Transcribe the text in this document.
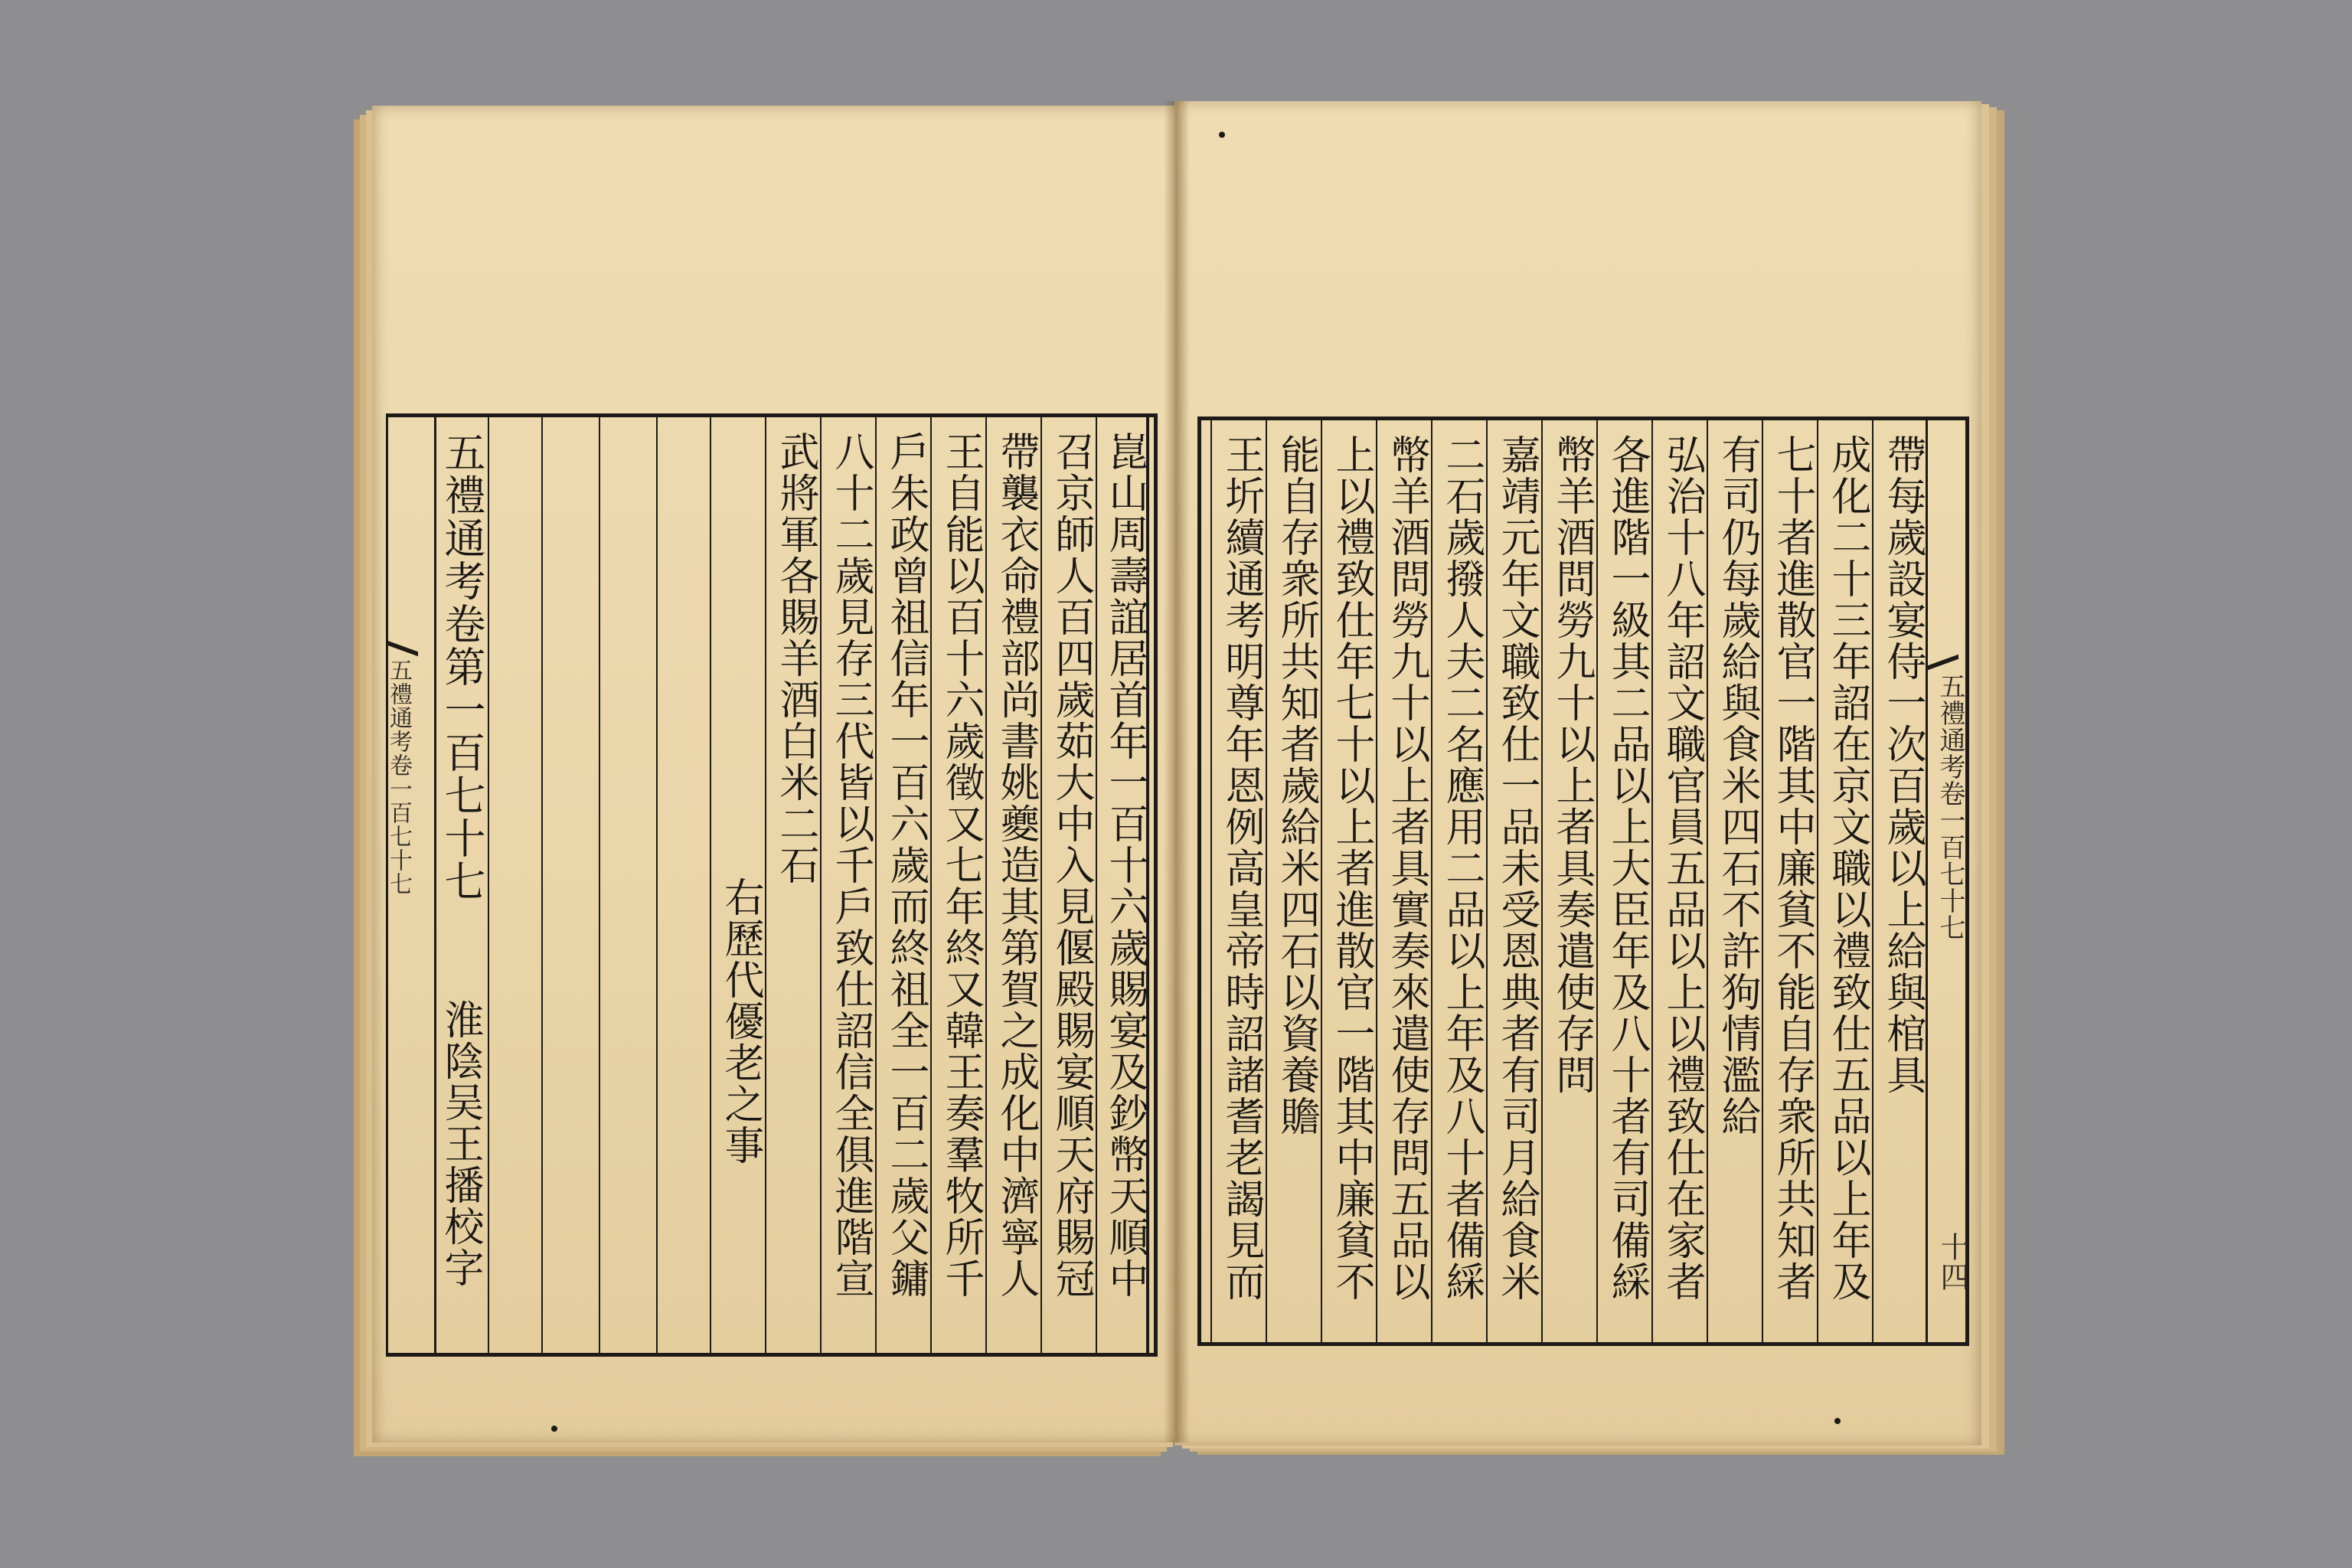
崑山周壽誼居首年一百十六歲賜宴及鈔幣天順中
召京師人百四歲茹大中入見偃殿賜宴順天府賜冠
帶襲衣命禮部尚書姚夔造其第賀之成化中濟寧人
王自能以百十六歲徵又七年終又韓王奏羣牧所千
戶朱政曾祖信年一百六歲而終祖全一百二歲父鏞
八十二歲見存三代皆以千戶致仕詔信全俱進階宣
武將軍各賜羊酒白米二石
右歷代優老之事
五禮通考卷第一百七十七
淮陰吴王播校字
五禮通考卷一百七十七	帶每歲設宴侍一次百歲以上給與棺具
成化二十三年詔在京文職以禮致仕五品以上年及
七十者進散官一階其中廉貧不能自存衆所共知者
有司仍每歲給與食米四石不許狗情濫給
弘治十八年詔文職官員五品以上以禮致仕在家者
各進階一級其二品以上大臣年及八十者有司備綵
幣羊酒問勞九十以上者具奏遣使存問
嘉靖元年文職致仕一品未受恩典者有司月給食米
二石歲撥人夫二名應用二品以上年及八十者備綵
幣羊酒問勞九十以上者具實奏來遣使存問五品以
上以禮致仕年七十以上者進散官一階其中廉貧不
能自存衆所共知者歲給米四石以資養贍
王圻續通考明尊年恩例高皇帝時詔諸耆老謁見而	五禮通考卷一百七十七
十四
